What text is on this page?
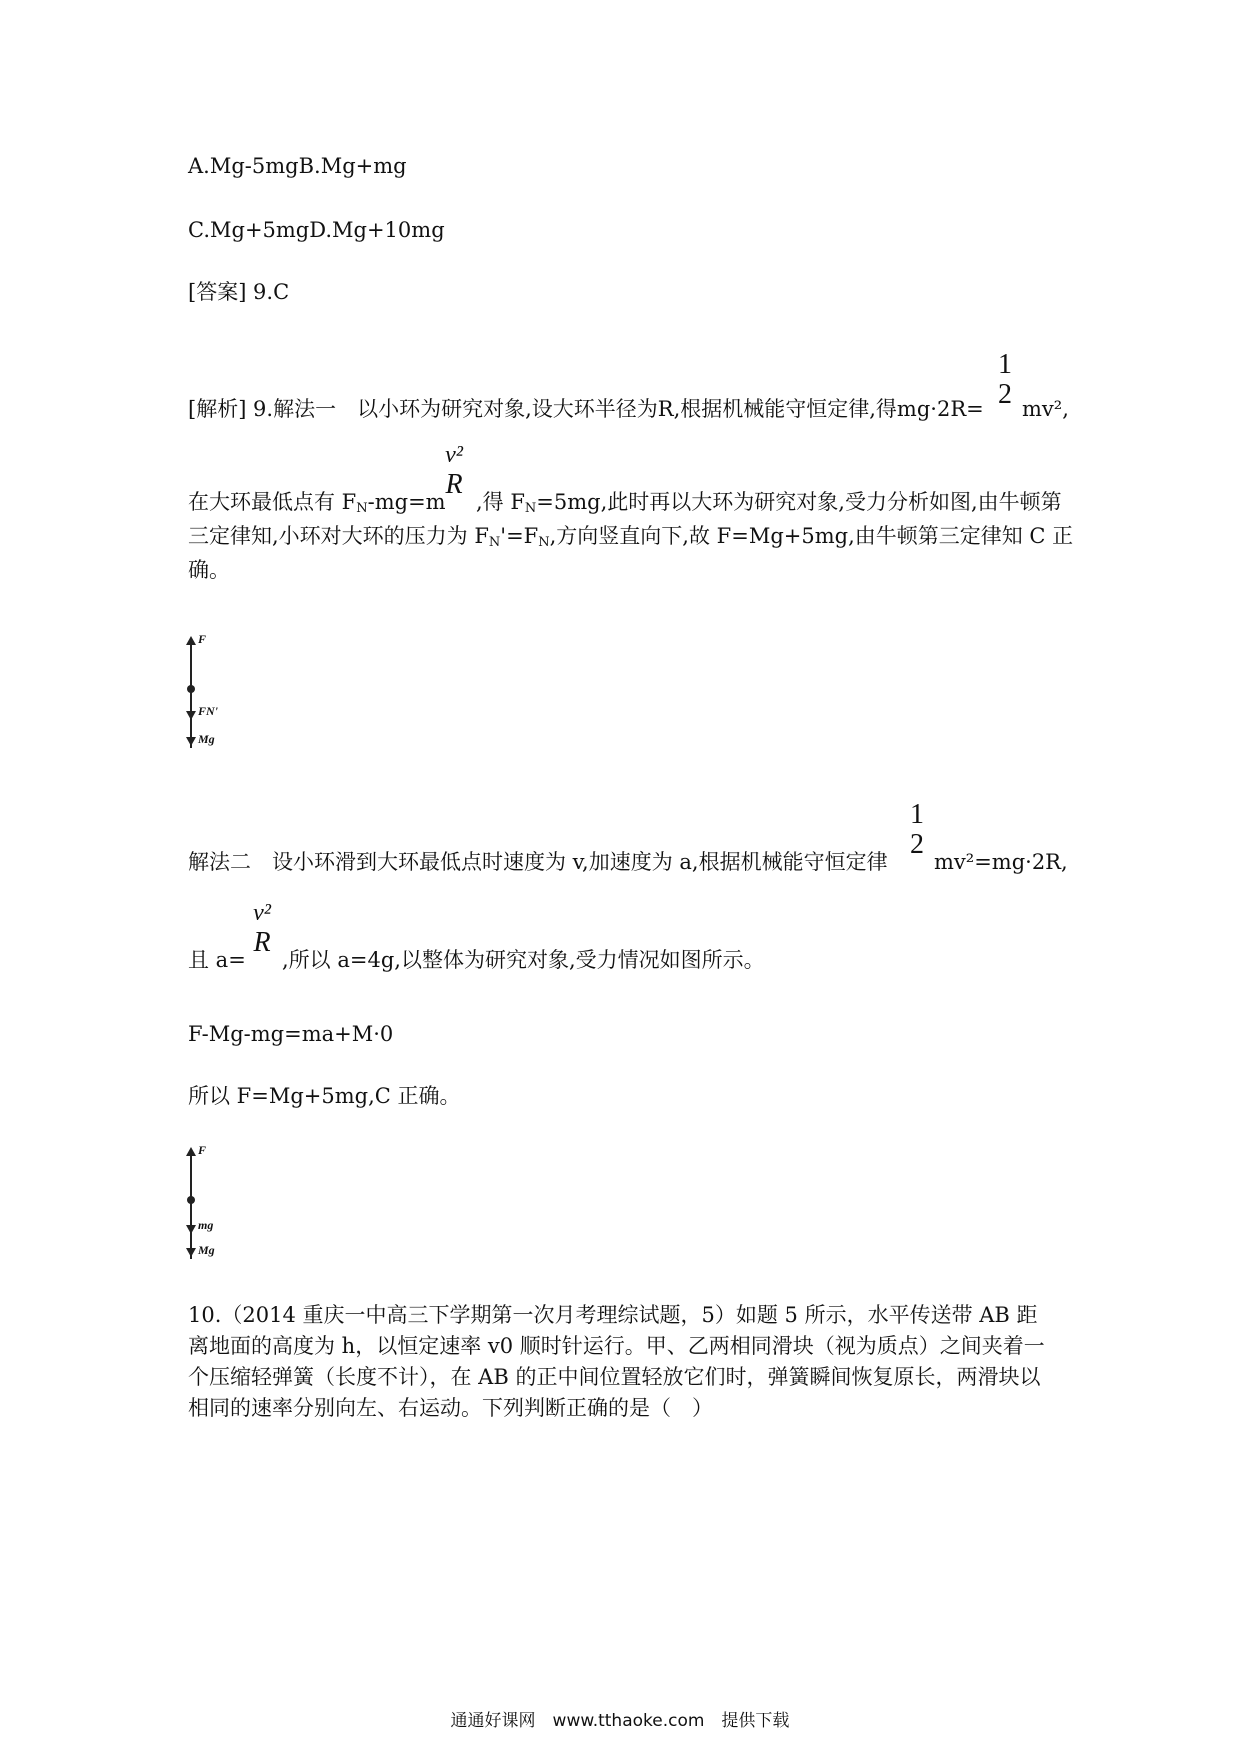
A.Mg-5mgB.Mg+mg
C.Mg+5mgD.Mg+10mg
[答案] 9.C
[解析] 9.解法一　以小环为研究对象,设大环半径为R,根据机械能守恒定律,得mg·2R=
1
2 mv²,
在大环最低点有 $F_N-mg=m$
v²
R
,得 $F_N=5mg$,此时再以大环为研究对象,受力分析如图,由牛顿第
三定律知,小环对大环的压力为 $F_N'=F_N$,方向竖直向下,故 F=Mg+5mg,由牛顿第三定律知 C 正
确。
F
FN'
Mg
解法二　设小环滑到大环最低点时速度为 v,加速度为 a,根据机械能守恒定律
1
2
mv²=mg·2R,
且 a=
v²
R
,所以 a=4g,以整体为研究对象,受力情况如图所示。
F-Mg-mg=ma+M·0
所以 F=Mg+5mg,C 正确。
F
mg
Mg
10.（2014 重庆一中高三下学期第一次月考理综试题，5）如题 5 所示，水平传送带 AB 距离地面的高度为 h，以恒定速率 v0 顺时针运行。甲、乙两相同滑块（视为质点）之间夹着一个压缩轻弹簧（长度不计），在 AB 的正中间位置轻放它们时，弹簧瞬间恢复原长，两滑块以相同的速率分别向左、右运动。下列判断正确的是（　）
通通好课网　www.tthaoke.com　提供下载
